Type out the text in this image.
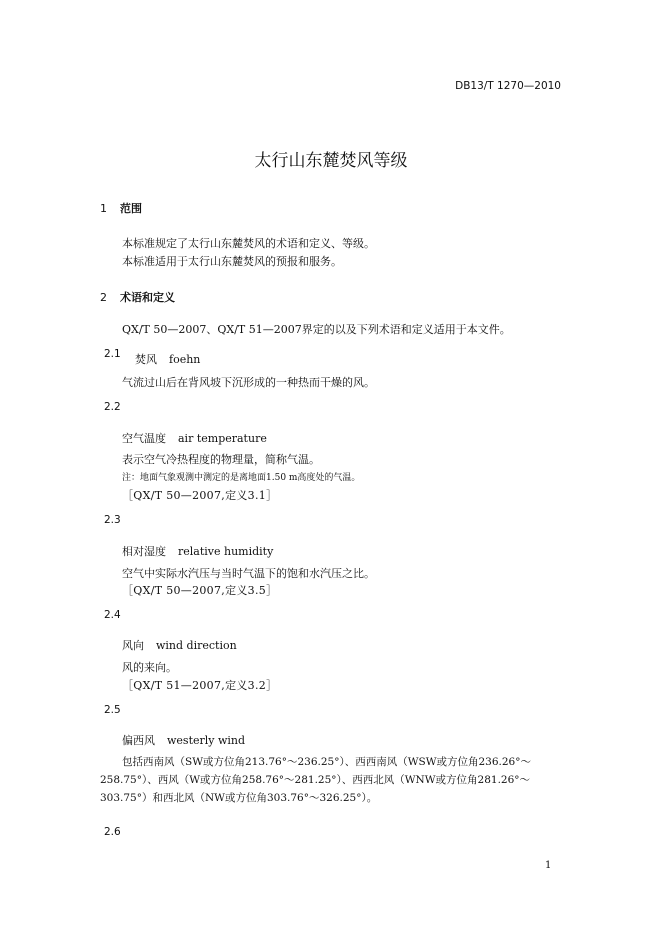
DB13/T 1270—2010
太行山东麓焚风等级
1 范围
本标准规定了太行山东麓焚风的术语和定义、等级。
本标准适用于太行山东麓焚风的预报和服务。
2 术语和定义
QX/T 50—2007、QX/T 51—2007界定的以及下列术语和定义适用于本文件。
2.1 焚风 foehn
气流过山后在背风坡下沉形成的一种热而干燥的风。
2.2
空气温度 air temperature
表示空气冷热程度的物理量，简称气温。
注：地面气象观测中测定的是离地面1.50 m高度处的气温。
［QX/T 50—2007,定义3.1］
2.3
相对湿度 relative humidity
空气中实际水汽压与当时气温下的饱和水汽压之比。
［QX/T 50—2007,定义3.5］
2.4
风向 wind direction
风的来向。
［QX/T 51—2007,定义3.2］
2.5
偏西风 westerly wind
包括西南风（SW或方位角213.76°～236.25°）、西西南风（WSW或方位角236.26°～
258.75°）、西风（W或方位角258.76°～281.25°）、西西北风（WNW或方位角281.26°～
303.75°）和西北风（NW或方位角303.76°～326.25°）。
2.6
1
